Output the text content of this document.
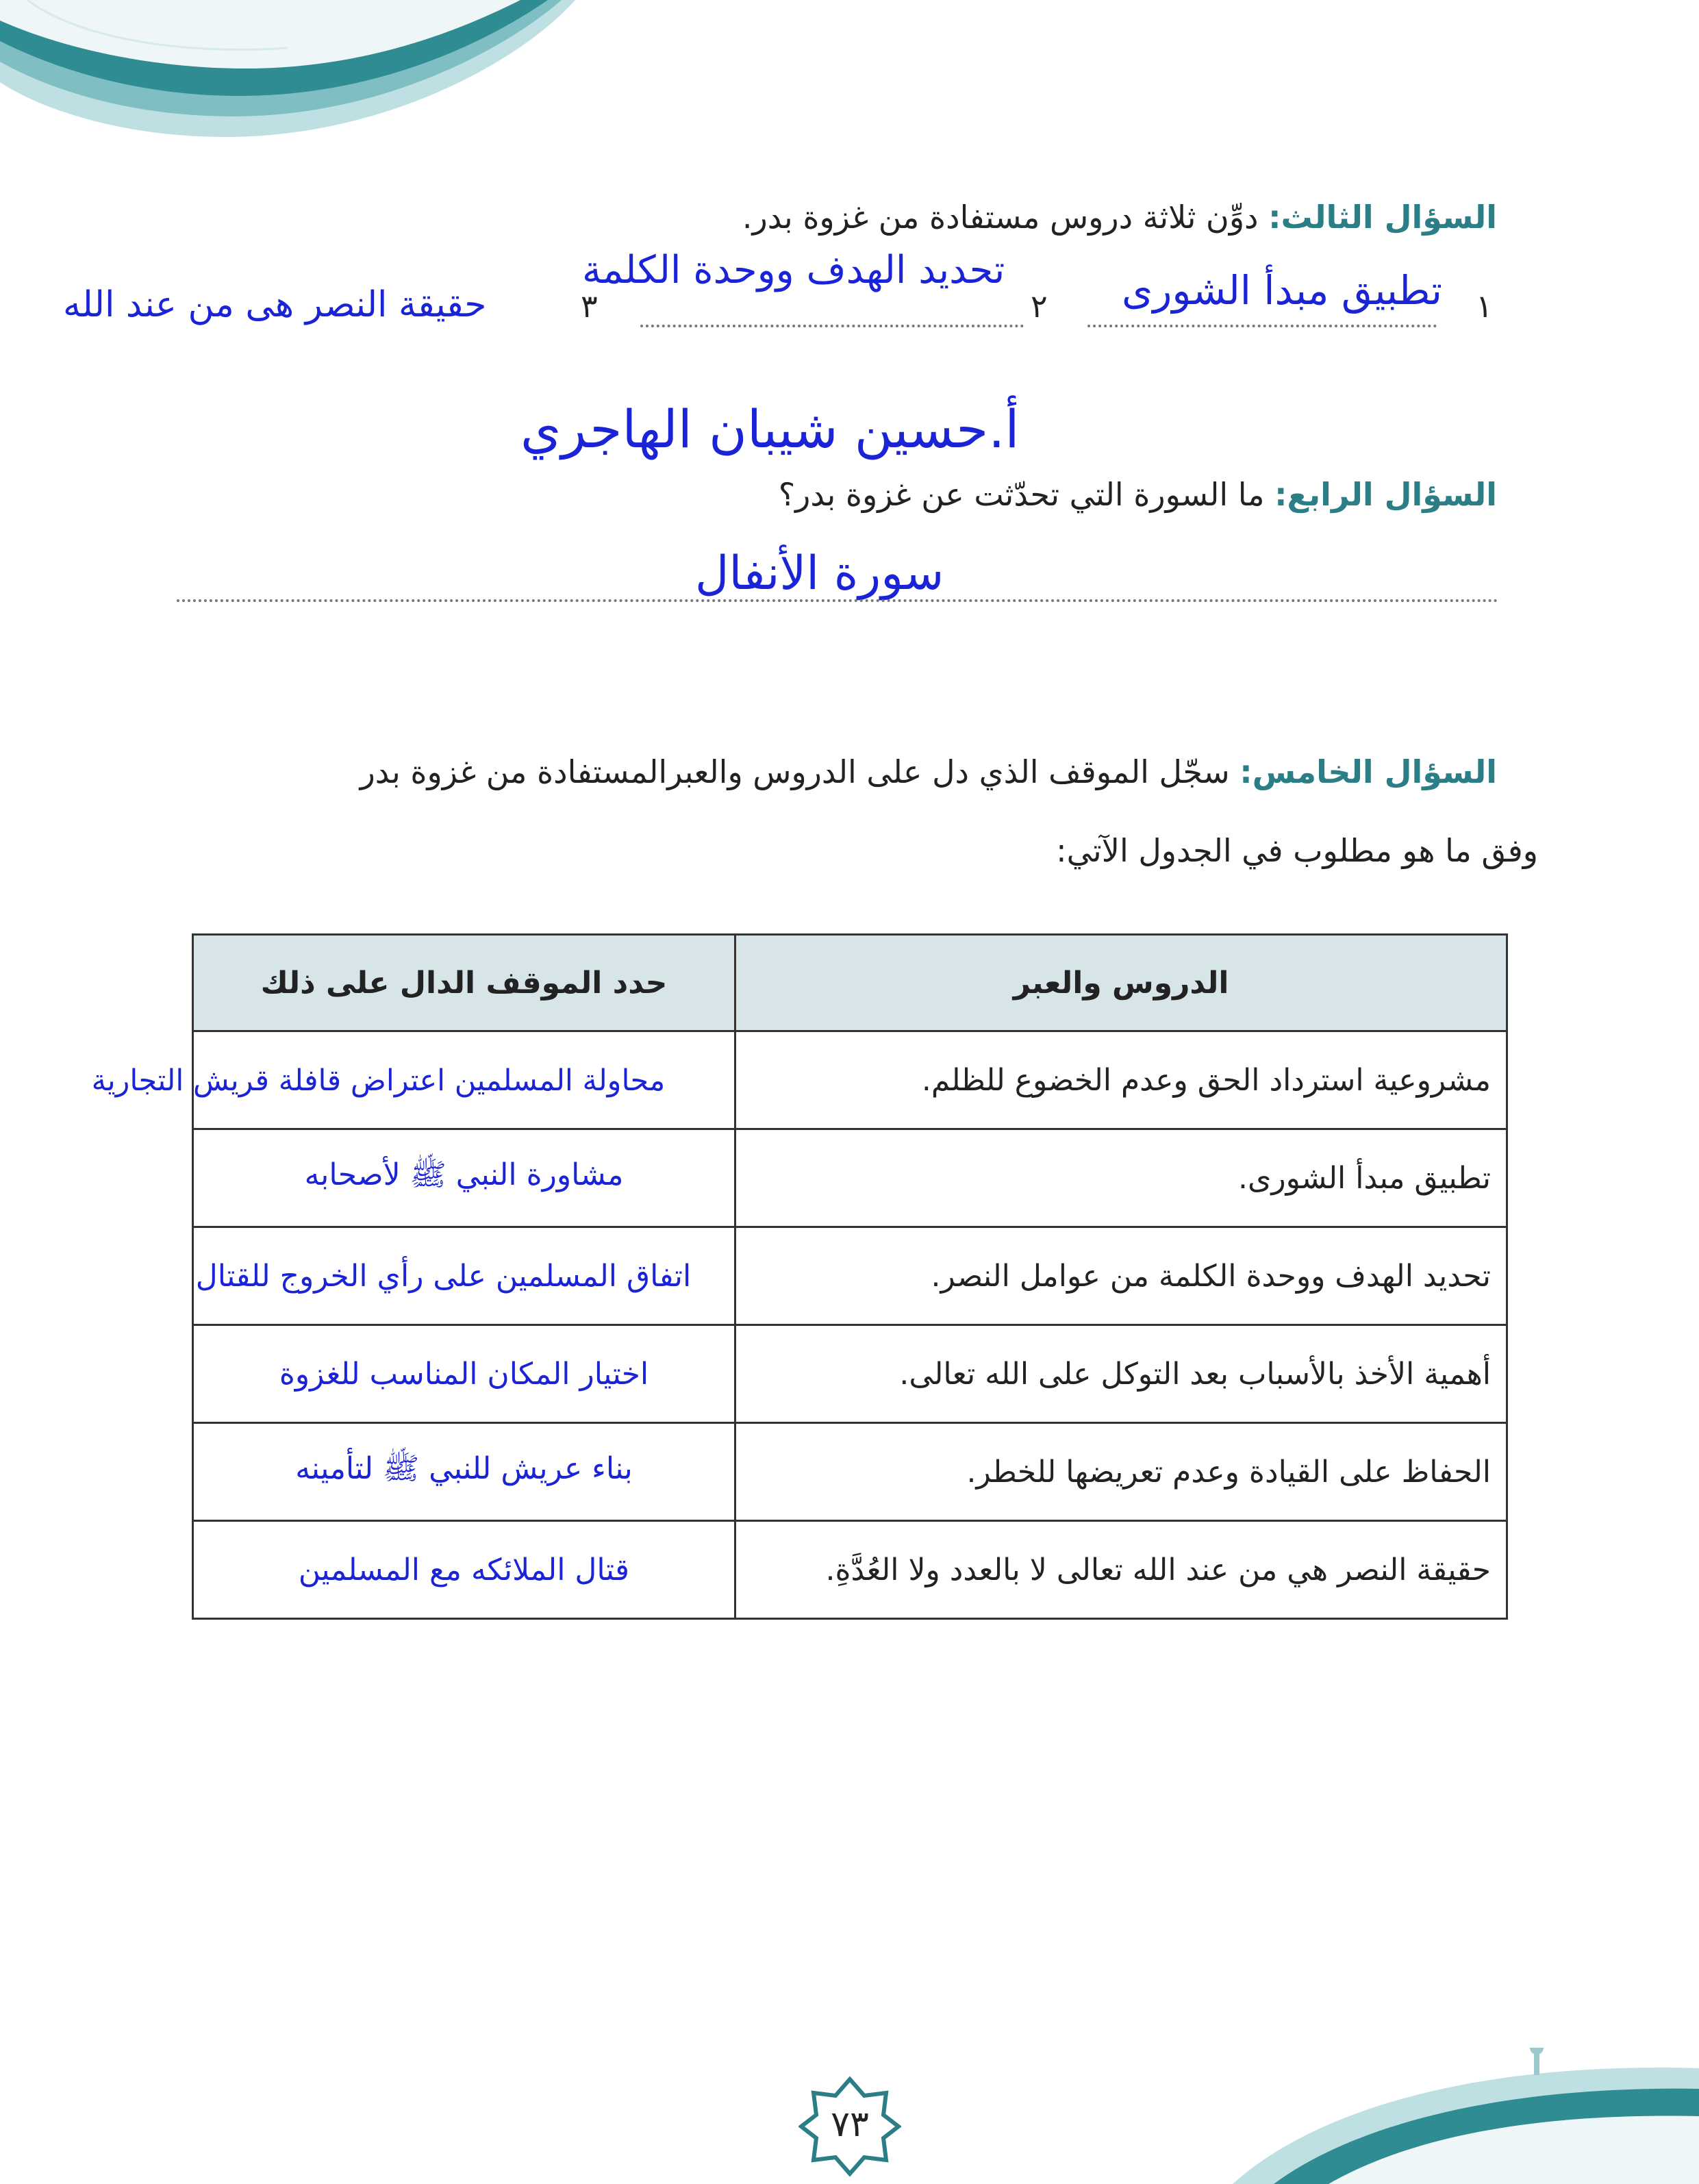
السؤال الثالث: دوِّن ثلاثة دروس مستفادة من غزوة بدر.
١
تطبيق مبدأ الشورى
٢
تحديد الهدف ووحدة الكلمة
٣
حقيقة النصر هى من عند الله
أ.حسين شيبان الهاجري
السؤال الرابع: ما السورة التي تحدّثت عن غزوة بدر؟
سورة الأنفال
السؤال الخامس: سجّل الموقف الذي دل على الدروس والعبرالمستفادة من غزوة بدر
وفق ما هو مطلوب في الجدول الآتي:
الدروس والعبر	حدد الموقف الدال على ذلك
مشروعية استرداد الحق وعدم الخضوع للظلم.	محاولة المسلمين اعتراض قافلة قريش التجارية
تطبيق مبدأ الشورى.	مشاورة النبي ﷺ لأصحابه
تحديد الهدف ووحدة الكلمة من عوامل النصر.	اتفاق المسلمين على رأي الخروج للقتال
أهمية الأخذ بالأسباب بعد التوكل على الله تعالى.	اختيار المكان المناسب للغزوة
الحفاظ على القيادة وعدم تعريضها للخطر.	بناء عريش للنبي ﷺ لتأمينه
حقيقة النصر هي من عند الله تعالى لا بالعدد ولا العُدَّةِ.	قتال الملائكه مع المسلمين
٧٣
